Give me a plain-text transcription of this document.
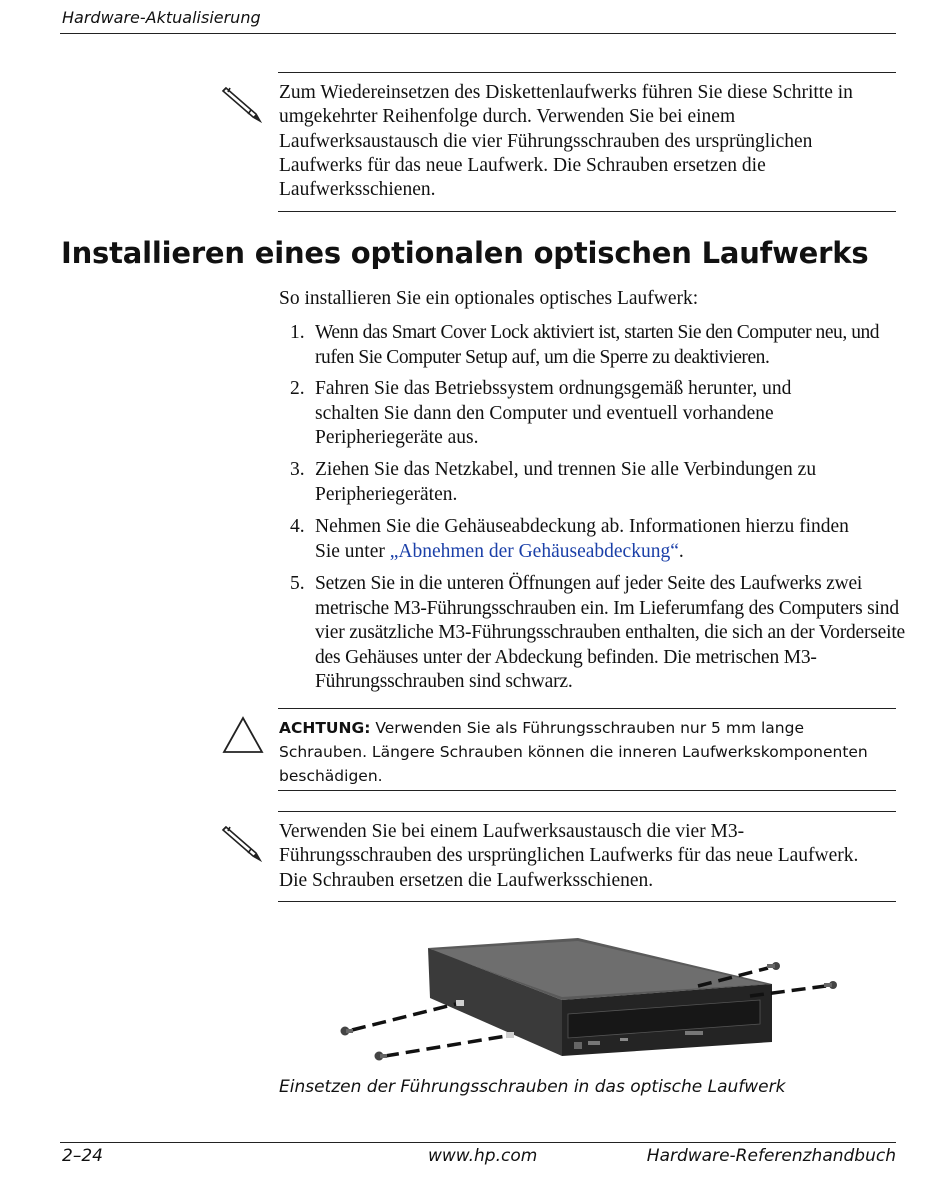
Hardware-Aktualisierung
Zum Wiedereinsetzen des Diskettenlaufwerks führen Sie diese Schritte in umgekehrter Reihenfolge durch. Verwenden Sie bei einem Laufwerksaustausch die vier Führungsschrauben des ursprünglichen Laufwerks für das neue Laufwerk. Die Schrauben ersetzen die Laufwerksschienen.
Installieren eines optionalen optischen Laufwerks
So installieren Sie ein optionales optisches Laufwerk:
1. Wenn das Smart Cover Lock aktiviert ist, starten Sie den Computer neu, und rufen Sie Computer Setup auf, um die Sperre zu deaktivieren.
2. Fahren Sie das Betriebssystem ordnungsgemäß herunter, und schalten Sie dann den Computer und eventuell vorhandene Peripheriegeräte aus.
3. Ziehen Sie das Netzkabel, und trennen Sie alle Verbindungen zu Peripheriegeräten.
4. Nehmen Sie die Gehäuseabdeckung ab. Informationen hierzu finden Sie unter „Abnehmen der Gehäuseabdeckung“.
5. Setzen Sie in die unteren Öffnungen auf jeder Seite des Laufwerks zwei metrische M3-Führungsschrauben ein. Im Lieferumfang des Computers sind vier zusätzliche M3-Führungsschrauben enthalten, die sich an der Vorderseite des Gehäuses unter der Abdeckung befinden. Die metrischen M3-Führungsschrauben sind schwarz.
ACHTUNG: Verwenden Sie als Führungsschrauben nur 5 mm lange Schrauben. Längere Schrauben können die inneren Laufwerkskomponenten beschädigen.
Verwenden Sie bei einem Laufwerksaustausch die vier M3-Führungsschrauben des ursprünglichen Laufwerks für das neue Laufwerk. Die Schrauben ersetzen die Laufwerksschienen.
Einsetzen der Führungsschrauben in das optische Laufwerk
2–24	www.hp.com	Hardware-Referenzhandbuch
